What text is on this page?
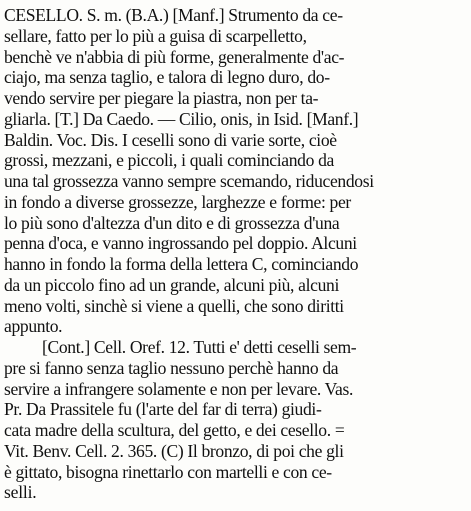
CESELLO. S. m. (B.A.) [Manf.] Strumento da ce-
sellare, fatto per lo più a guisa di scarpelletto,
benchè ve n'abbia di più forme, generalmente d'ac-
ciajo, ma senza taglio, e talora di legno duro, do-
vendo servire per piegare la piastra, non per ta-
gliarla. [T.] Da Caedo. — Cilio, onis, in Isid. [Manf.]
Baldin. Voc. Dis. I ceselli sono di varie sorte, cioè
grossi, mezzani, e piccoli, i quali cominciando da
una tal grossezza vanno sempre scemando, riducendosi
in fondo a diverse grossezze, larghezze e forme: per
lo più sono d'altezza d'un dito e di grossezza d'una
penna d'oca, e vanno ingrossando pel doppio. Alcuni
hanno in fondo la forma della lettera C, cominciando
da un piccolo fino ad un grande, alcuni più, alcuni
meno volti, sinchè si viene a quelli, che sono diritti
appunto.
[Cont.] Cell. Oref. 12. Tutti e' detti ceselli sem-
pre si fanno senza taglio nessuno perchè hanno da
servire a infrangere solamente e non per levare. Vas.
Pr. Da Prassitele fu (l'arte del far di terra) giudi-
cata madre della scultura, del getto, e dei cesello. =
Vit. Benv. Cell. 2. 365. (C) Il bronzo, di poi che gli
è gittato, bisogna rinettarlo con martelli e con ce-
selli.
